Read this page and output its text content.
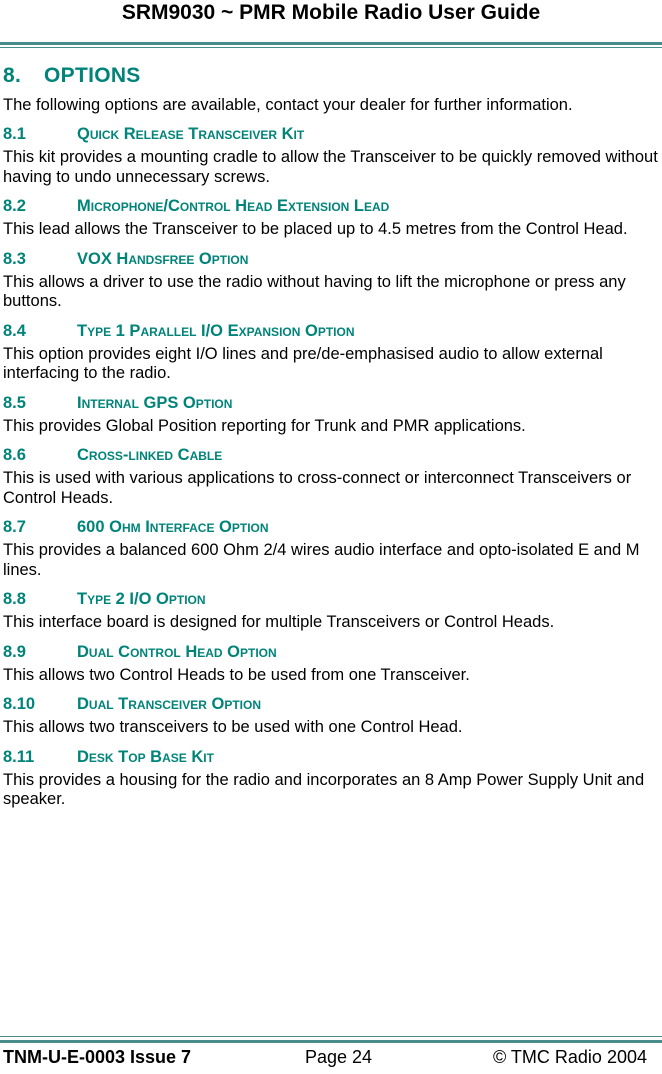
SRM9030 ~ PMR Mobile Radio User Guide
8. OPTIONS

The following options are available, contact your dealer for further information.

8.1	Quick Release Transceiver Kit

This kit provides a mounting cradle to allow the Transceiver to be quickly removed without having to undo unnecessary screws.

8.2	Microphone/Control Head Extension Lead

This lead allows the Transceiver to be placed up to 4.5 metres from the Control Head.

8.3	VOX Handsfree Option

This allows a driver to use the radio without having to lift the microphone or press any buttons.

8.4	Type 1 Parallel I/O Expansion Option

This option provides eight I/O lines and pre/de-emphasised audio to allow external interfacing to the radio.

8.5	Internal GPS Option

This provides Global Position reporting for Trunk and PMR applications.

8.6	Cross-linked Cable

This is used with various applications to cross-connect or interconnect Transceivers or Control Heads.

8.7	600 Ohm Interface Option

This provides a balanced 600 Ohm 2/4 wires audio interface and opto-isolated E and M lines.

8.8	Type 2 I/O Option

This interface board is designed for multiple Transceivers or Control Heads.

8.9	Dual Control Head Option

This allows two Control Heads to be used from one Transceiver.

8.10	Dual Transceiver Option

This allows two transceivers to be used with one Control Head.

8.11	Desk Top Base Kit

This provides a housing for the radio and incorporates an 8 Amp Power Supply Unit and speaker.

TNM-U-E-0003 Issue 7	Page 24	© TMC Radio 2004
